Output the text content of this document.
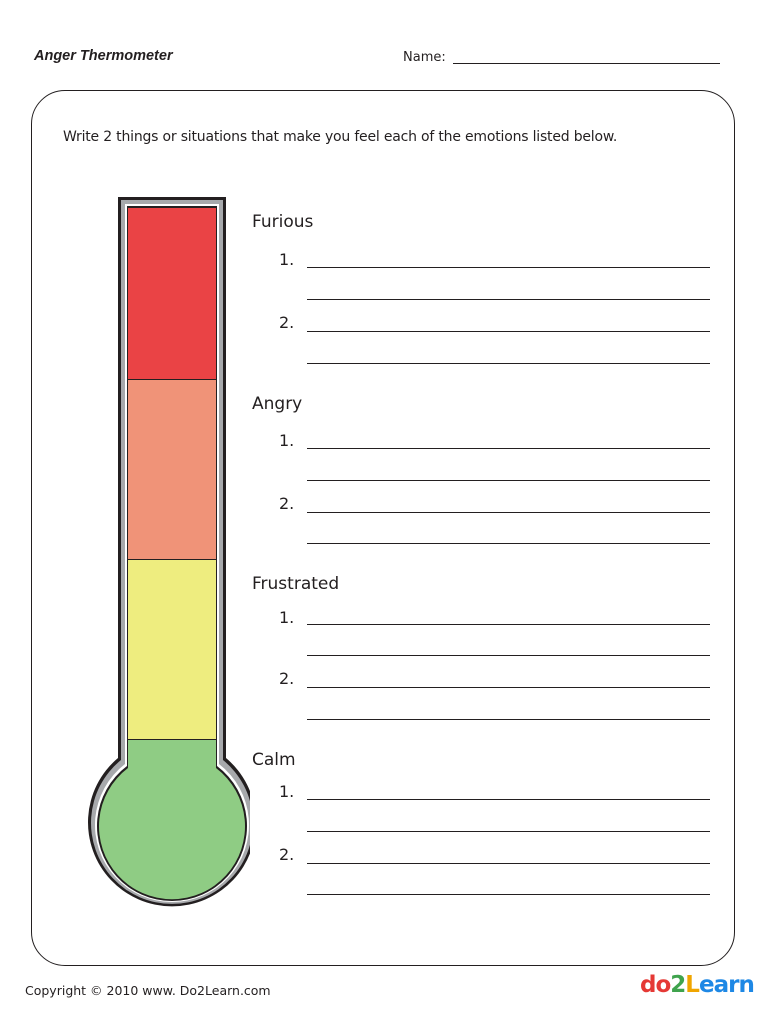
Anger Thermometer	Name:
Write 2 things or situations that make you feel each of the emotions listed below.
Furious
1.
2.
Angry
1.
2.
Frustrated
1.
2.
Calm
1.
2.
Copyright © 2010 www. Do2Learn.com	do2Learn
